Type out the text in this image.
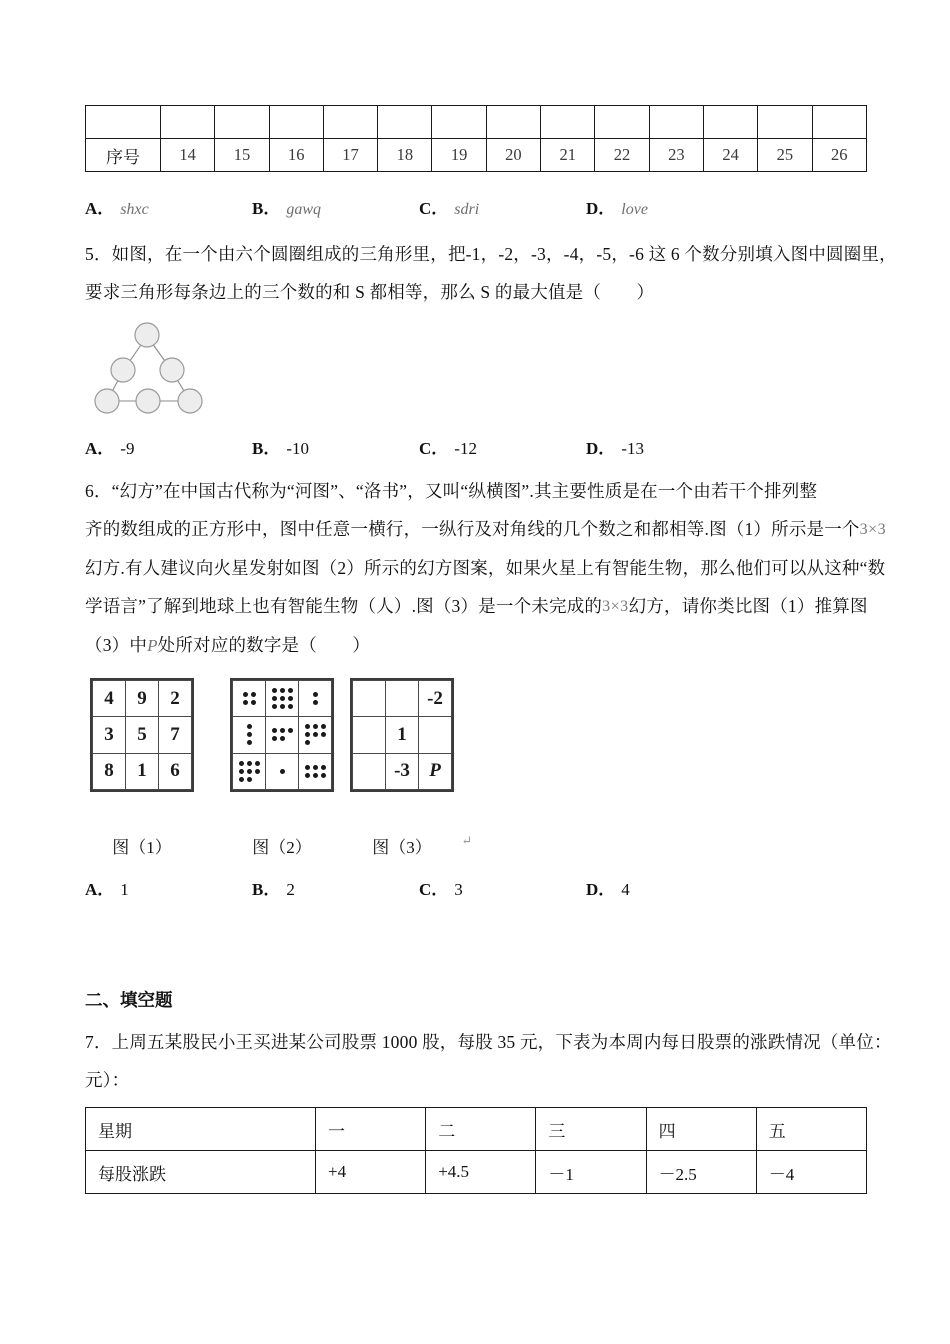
序号	14	15	16	17	18	19	20	21	22	23	24	25	26
A ． shxc	B ． gawq	C ． sdri	D ． love
5．如图，在一个由六个圆圈组成的三角形里，把-1，-2，-3，-4，-5，-6 这 6 个数分别填入图中圆圈里，
要求三角形每条边上的三个数的和 S 都相等，那么 S 的最大值是（　　）
A ． -9	B ． -10	C ． -12	D ． -13
6．“幻方”在中国古代称为“河图”、“洛书”，又叫“纵横图”.其主要性质是在一个由若干个排列整
齐的数组成的正方形中，图中任意一横行，一纵行及对角线的几个数之和都相等.图（1）所示是一个3×3
幻方.有人建议向火星发射如图（2）所示的幻方图案，如果火星上有智能生物，那么他们可以从这种“数
学语言”了解到地球上也有智能生物（人）.图（3）是一个未完成的3×3幻方，请你类比图（1）推算图
（3）中P处所对应的数字是（　　）
4	9	2
3	5	7
8	1	6

		-2
	1	
	-3	P
图（1）	图（2）	图（3）	↵
A ． 1	B ． 2	C ． 3	D ． 4
二、填空题
7．上周五某股民小王买进某公司股票 1000 股，每股 35 元，下表为本周内每日股票的涨跌情况（单位：
元）：
星期	一	二	三	四	五
每股涨跌	+4	+4.5	－1	－2.5	－4
